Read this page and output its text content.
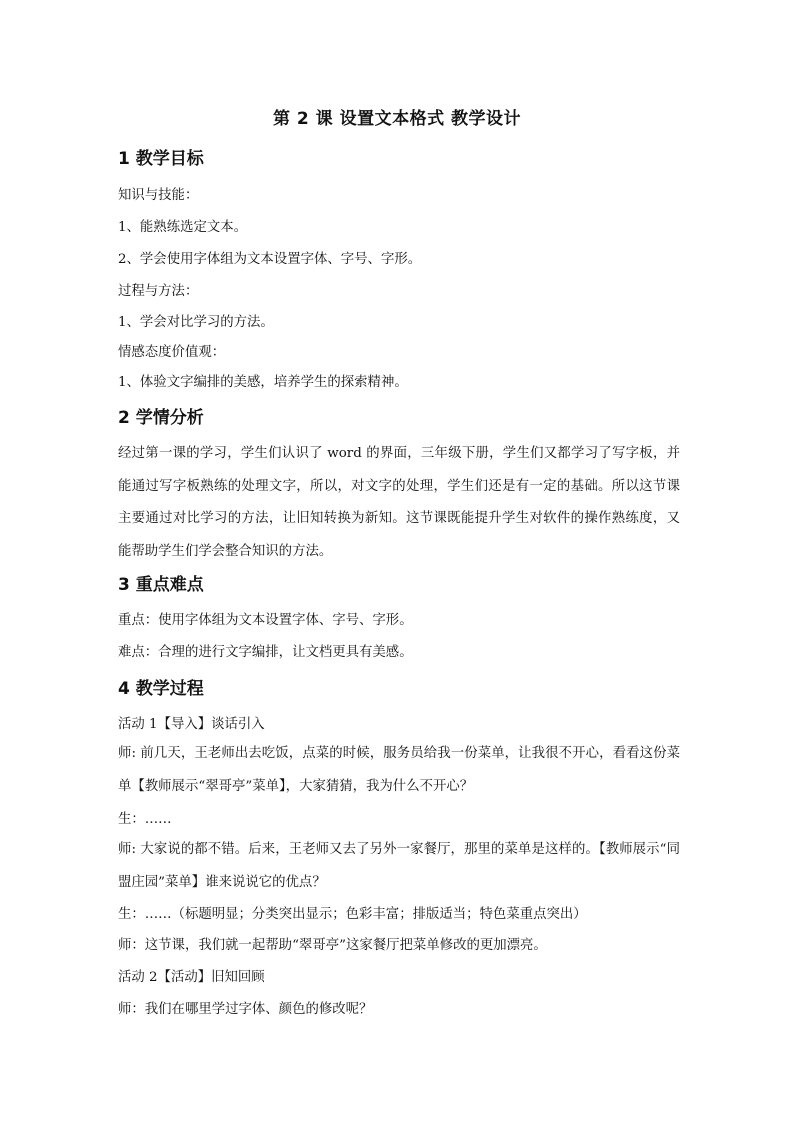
第 2 课 设置文本格式 教学设计
1 教学目标
知识与技能：
1、能熟练选定文本。
2、学会使用字体组为文本设置字体、字号、字形。
过程与方法：
1、学会对比学习的方法。
情感态度价值观：
1、体验文字编排的美感，培养学生的探索精神。
2 学情分析
经过第一课的学习，学生们认识了 word 的界面，三年级下册，学生们又都学习了写字板，并能通过写字板熟练的处理文字，所以，对文字的处理，学生们还是有一定的基础。所以这节课主要通过对比学习的方法，让旧知转换为新知。这节课既能提升学生对软件的操作熟练度，又能帮助学生们学会整合知识的方法。
3 重点难点
重点：使用字体组为文本设置字体、字号、字形。
难点：合理的进行文字编排，让文档更具有美感。
4 教学过程
活动 1【导入】谈话引入
师: 前几天，王老师出去吃饭，点菜的时候，服务员给我一份菜单，让我很不开心，看看这份菜单【教师展示“翠哥亭”菜单】，大家猜猜，我为什么不开心？
生：……
师: 大家说的都不错。后来，王老师又去了另外一家餐厅，那里的菜单是这样的。【教师展示“同盟庄园”菜单】谁来说说它的优点？
生：……（标题明显；分类突出显示；色彩丰富；排版适当；特色菜重点突出）
师：这节课，我们就一起帮助“翠哥亭”这家餐厅把菜单修改的更加漂亮。
活动 2【活动】旧知回顾
师：我们在哪里学过字体、颜色的修改呢？
